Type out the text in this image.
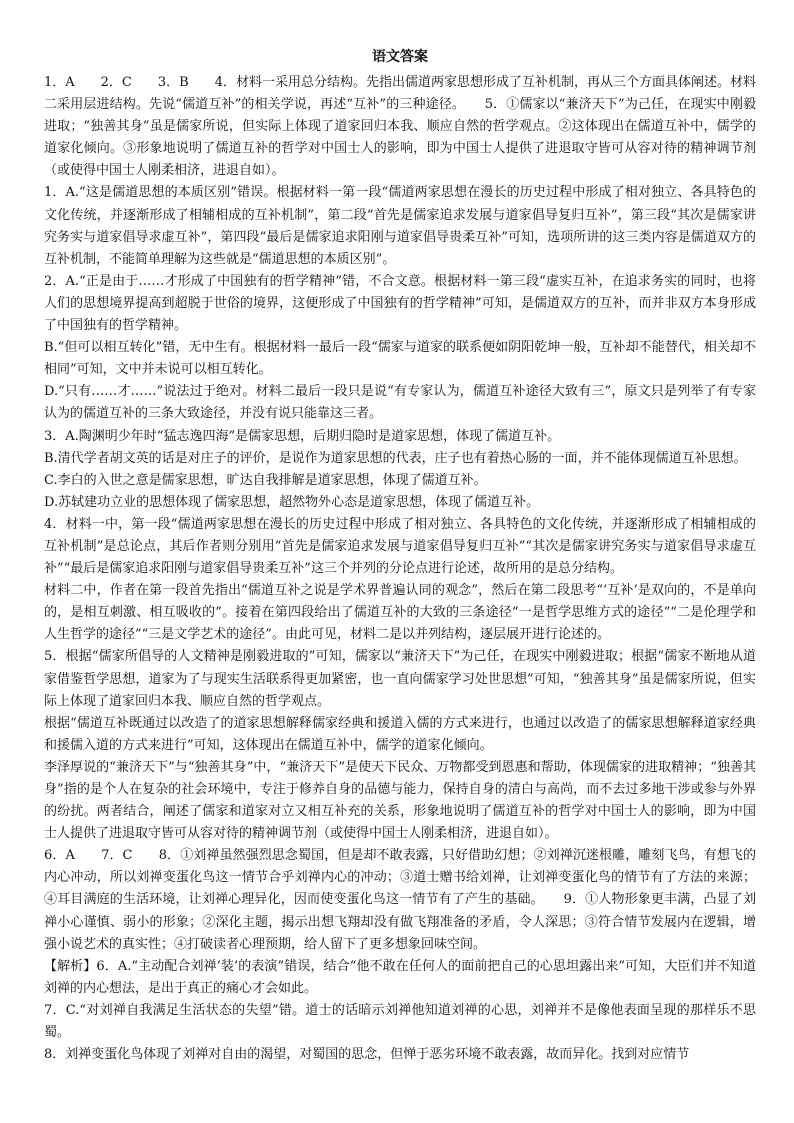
语文答案

1．A　　2．C　　3．B　　4．材料一采用总分结构。先指出儒道两家思想形成了互补机制，再从三个方面具体阐述。材料二采用层进结构。先说“儒道互补”的相关学说，再述“互补”的三种途径。　　5．①儒家以“兼济天下”为己任，在现实中刚毅进取；“独善其身”虽是儒家所说，但实际上体现了道家回归本我、顺应自然的哲学观点。②这体现出在儒道互补中，儒学的道家化倾向。③形象地说明了儒道互补的哲学对中国士人的影响，即为中国士人提供了进退取守皆可从容对待的精神调节剂（或使得中国士人刚柔相济，进退自如）。

1．A.“这是儒道思想的本质区别”错误。根据材料一第一段“儒道两家思想在漫长的历史过程中形成了相对独立、各具特色的文化传统，并逐渐形成了相辅相成的互补机制”，第二段“首先是儒家追求发展与道家倡导复归互补”，第三段“其次是儒家讲究务实与道家倡导求虚互补”，第四段“最后是儒家追求阳刚与道家倡导贵柔互补”可知，选项所讲的这三类内容是儒道双方的互补机制，不能简单理解为这些就是“儒道思想的本质区别”。

2．A.“正是由于……才形成了中国独有的哲学精神”错，不合文意。根据材料一第三段“虚实互补，在追求务实的同时，也将人们的思想境界提高到超脱于世俗的境界，这便形成了中国独有的哲学精神”可知，是儒道双方的互补，而并非双方本身形成了中国独有的哲学精神。

B.“但可以相互转化”错，无中生有。根据材料一最后一段“儒家与道家的联系便如阴阳乾坤一般，互补却不能替代，相关却不相同”可知，文中并未说可以相互转化。

D.“只有……才……”说法过于绝对。材料二最后一段只是说“有专家认为，儒道互补途径大致有三”，原文只是列举了有专家认为的儒道互补的三条大致途径，并没有说只能靠这三者。

3．A.陶渊明少年时“猛志逸四海”是儒家思想，后期归隐时是道家思想，体现了儒道互补。

B.清代学者胡文英的话是对庄子的评价，是说作为道家思想的代表，庄子也有着热心肠的一面，并不能体现儒道互补思想。

C.李白的入世之意是儒家思想，旷达自我排解是道家思想，体现了儒道互补。

D.苏轼建功立业的思想体现了儒家思想，超然物外心态是道家思想，体现了儒道互补。

4．材料一中，第一段“儒道两家思想在漫长的历史过程中形成了相对独立、各具特色的文化传统，并逐渐形成了相辅相成的互补机制”是总论点，其后作者则分别用“首先是儒家追求发展与道家倡导复归互补”“其次是儒家讲究务实与道家倡导求虚互补”“最后是儒家追求阳刚与道家倡导贵柔互补”这三个并列的分论点进行论述，故所用的是总分结构。

材料二中，作者在第一段首先指出“儒道互补之说是学术界普遍认同的观念”，然后在第二段思考“‘互补’是双向的，不是单向的，是相互刺激、相互吸收的”。接着在第四段给出了儒道互补的大致的三条途径“一是哲学思维方式的途径”“二是伦理学和人生哲学的途径”“三是文学艺术的途径”。由此可见，材料二是以并列结构，逐层展开进行论述的。

5．根据“儒家所倡导的人文精神是刚毅进取的”可知，儒家以“兼济天下”为己任，在现实中刚毅进取；根据“儒家不断地从道家借鉴哲学思想，道家为了与现实生活联系得更加紧密，也一直向儒家学习处世思想”可知，“独善其身”虽是儒家所说，但实际上体现了道家回归本我、顺应自然的哲学观点。

根据“儒道互补既通过以改造了的道家思想解释儒家经典和援道入儒的方式来进行，也通过以改造了的儒家思想解释道家经典和援儒入道的方式来进行”可知，这体现出在儒道互补中，儒学的道家化倾向。

李泽厚说的“兼济天下”与“独善其身”中，“兼济天下”是使天下民众、万物都受到恩惠和帮助，体现儒家的进取精神；“独善其身”指的是个人在复杂的社会环境中，专注于修养自身的品德与能力，保持自身的清白与高尚，而不去过多地干涉或参与外界的纷扰。两者结合，阐述了儒家和道家对立又相互补充的关系，形象地说明了儒道互补的哲学对中国士人的影响，即为中国士人提供了进退取守皆可从容对待的精神调节剂（或使得中国士人刚柔相济，进退自如）。

6．A　　7．C　　8．①刘禅虽然强烈思念蜀国，但是却不敢表露，只好借助幻想；②刘禅沉迷根雕，雕刻飞鸟，有想飞的内心冲动，所以刘禅变蛋化鸟这一情节合乎刘禅内心的冲动；③道士赠书给刘禅，让刘禅变蛋化鸟的情节有了方法的来源；④耳目满庭的生活环境，让刘禅心理异化，因而使变蛋化鸟这一情节有了产生的基础。　　9．①人物形象更丰满，凸显了刘禅小心谨慎、弱小的形象；②深化主题，揭示出想飞翔却没有做飞翔准备的矛盾，令人深思；③符合情节发展内在逻辑，增强小说艺术的真实性；④打破读者心理预期，给人留下了更多想象回味空间。

【解析】6．A.“主动配合刘禅‘装’的表演”错误，结合“他不敢在任何人的面前把自己的心思坦露出来”可知，大臣们并不知道刘禅的内心想法，是出于真正的痛心才会如此。

7．C.“对刘禅自我满足生活状态的失望”错。道士的话暗示刘禅他知道刘禅的心思，刘禅并不是像他表面呈现的那样乐不思蜀。

8．刘禅变蛋化鸟体现了刘禅对自由的渴望，对蜀国的思念，但惮于恶劣环境不敢表露，故而异化。找到对应情节
